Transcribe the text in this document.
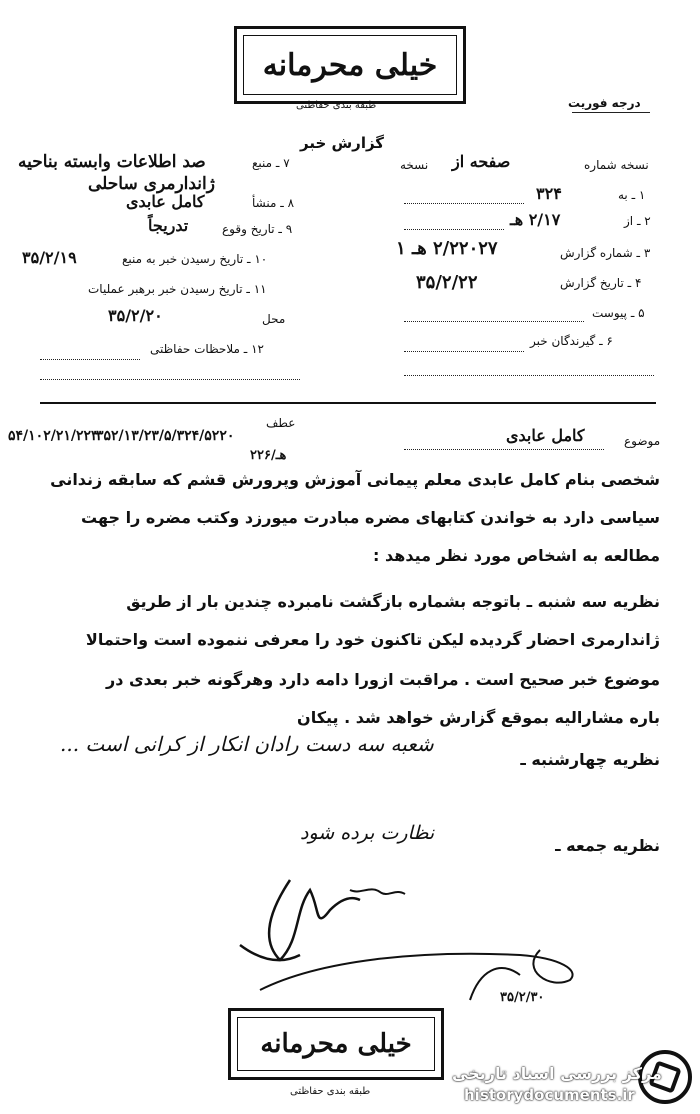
خیلی محرمانه
طبقه بندی حفاظتی	درجه فوریت
گزارش خبر
۷ ـ منبع
صد اطلاعات وابسته بناحیه
ژاندارمری ساحلی
۸ ـ منشأ
کامل عابدی
۹ ـ تاریخ وقوع
تدریجاً
۱۰ ـ تاریخ رسیدن خبر به منبع
۳۵/۲/۱۹
۱۱ ـ تاریخ رسیدن خبر برهبر عملیات
محل
۳۵/۲/۲۰
۱۲ ـ ملاحظات حفاظتی
نسخه شماره
صفحه از
نسخه
۱ ـ به
۳۲۴
۲ ـ از
۲/۱۷ هـ
۳ ـ شماره گزارش
۲/۲۲۰۲۷ هـ ۱
۴ ـ تاریخ گزارش
۳۵/۲/۲۲
۵ ـ پیوست
۶ ـ گیرندگان خبر
موضوع
کامل عابدی
عطف
۳۵۲/۱۳/۲۳/۵/۳۲۴/۵۲۲۰
۵۴/۱۰۲/۲۱/۲۲۳
۲۲۶/هـ
شخصی بنام کامل عابدی معلم پیمانی آموزش وپرورش قشم که سابقه زندانی
سیاسی دارد به خواندن کتابهای مضره مبادرت میورزد وکتب مضره را جهت
مطالعه به اشخاص مورد نظر میدهد :
نظریه سه شنبه ـ باتوجه بشماره بازگشت نامبرده چندین بار از طریق
ژاندارمری احضار گردیده لیکن تاکنون خود را معرفی ننموده است واحتمالا
موضوع خبر صحیح است . مراقبت ازورا دامه دارد وهرگونه خبر بعدی در
باره مشارالیه بموقع گزارش خواهد شد . پیکان
نظریه چهارشنبه ـ
نظریه جمعه ـ
شعبه سه دست رادان انکار از کرانی است ...
نظارت برده شود
۳۵/۲/۳۰
خیلی محرمانه
طبقه بندی حفاظتی
مرکز بررسی اسناد تاریخی
historydocuments.ir
